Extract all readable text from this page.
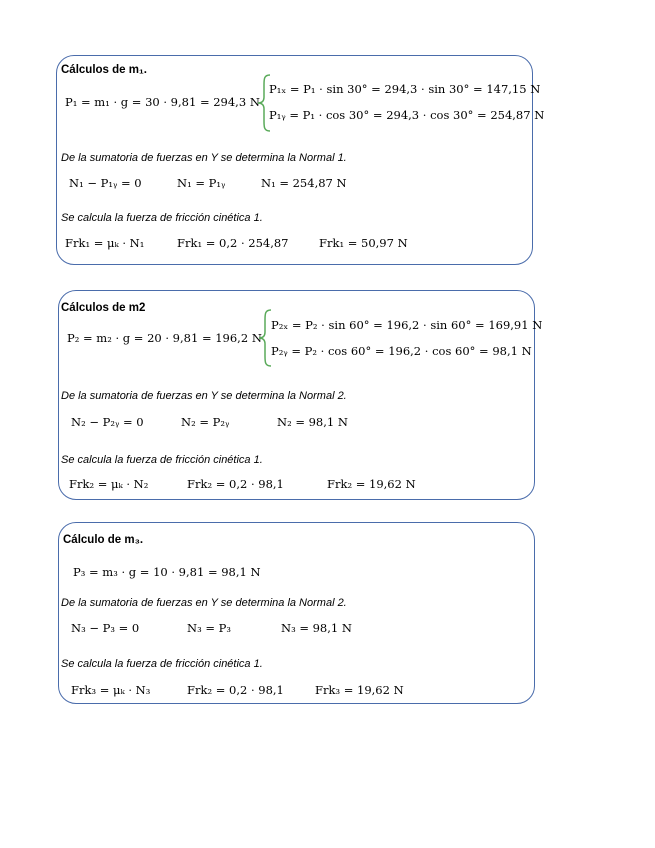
Cálculos de m₁.
P₁ = m₁ · g = 30 · 9,81 = 294,3 N
P₁ₓ = P₁ · sin 30° = 294,3 · sin 30° = 147,15 N
P₁ᵧ = P₁ · cos 30° = 294,3 · cos 30° = 254,87 N
De la sumatoria de fuerzas en Y se determina la Normal 1.
N₁ − P₁ᵧ = 0	N₁ = P₁ᵧ	N₁ = 254,87 N
Se calcula la fuerza de fricción cinética 1.
Frk₁ = μₖ · N₁	Frk₁ = 0,2 · 254,87	Frk₁ = 50,97 N
Cálculos de m2
P₂ = m₂ · g = 20 · 9,81 = 196,2 N
P₂ₓ = P₂ · sin 60° = 196,2 · sin 60° = 169,91 N
P₂ᵧ = P₂ · cos 60° = 196,2 · cos 60° = 98,1 N
De la sumatoria de fuerzas en Y se determina la Normal 2.
N₂ − P₂ᵧ = 0	N₂ = P₂ᵧ	N₂ = 98,1 N
Se calcula la fuerza de fricción cinética 1.
Frk₂ = μₖ · N₂	Frk₂ = 0,2 · 98,1	Frk₂ = 19,62 N
Cálculo de m₃.
P₃ = m₃ · g = 10 · 9,81 = 98,1 N
De la sumatoria de fuerzas en Y se determina la Normal 2.
N₃ − P₃ = 0	N₃ = P₃	N₃ = 98,1 N
Se calcula la fuerza de fricción cinética 1.
Frk₃ = μₖ · N₃	Frk₂ = 0,2 · 98,1	Frk₃ = 19,62 N
